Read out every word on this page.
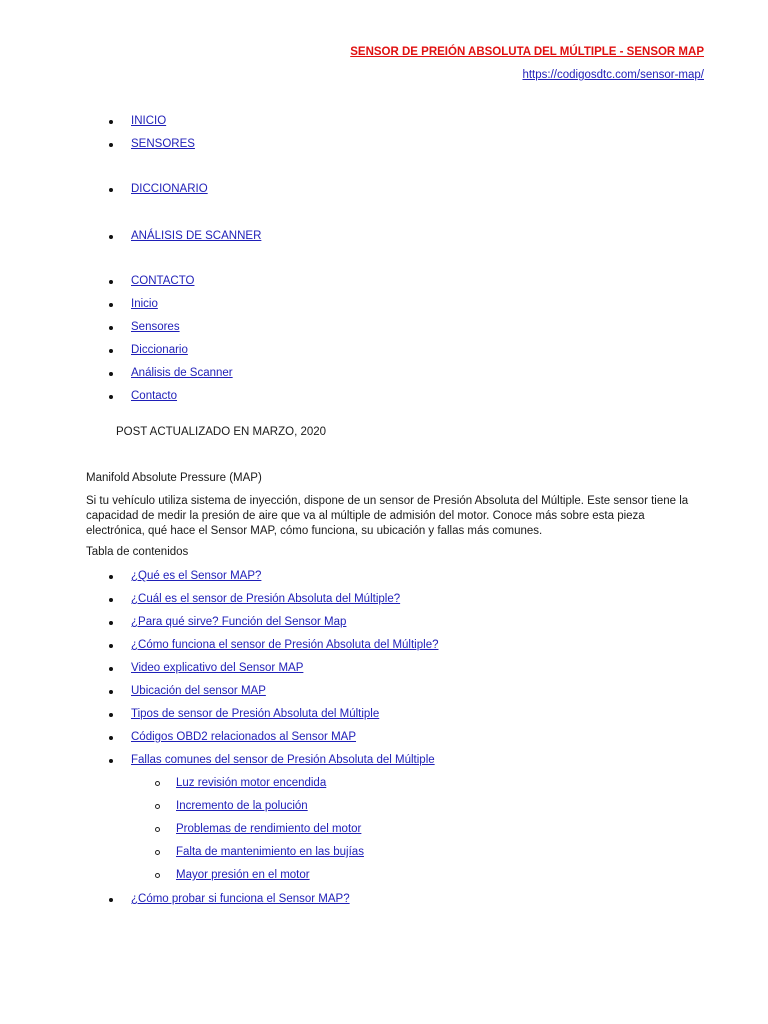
SENSOR DE PREIÓN ABSOLUTA DEL MÚLTIPLE - SENSOR MAP
https://codigosdtc.com/sensor-map/
INICIO
SENSORES
DICCIONARIO
ANÁLISIS DE SCANNER
CONTACTO
Inicio
Sensores
Diccionario
Análisis de Scanner
Contacto
POST ACTUALIZADO EN MARZO, 2020
Manifold Absolute Pressure (MAP)
Si tu vehículo utiliza sistema de inyección, dispone de un sensor de Presión Absoluta del Múltiple. Este sensor tiene la capacidad de medir la presión de aire que va al múltiple de admisión del motor. Conoce más sobre esta pieza electrónica, qué hace el Sensor MAP, cómo funciona, su ubicación y fallas más comunes.
Tabla de contenidos
¿Qué es el Sensor MAP?
¿Cuál es el sensor de Presión Absoluta del Múltiple?
¿Para qué sirve? Función del Sensor Map
¿Cómo funciona el sensor de Presión Absoluta del Múltiple?
Video explicativo del Sensor MAP
Ubicación del sensor MAP
Tipos de sensor de Presión Absoluta del Múltiple
Códigos OBD2 relacionados al Sensor MAP
Fallas comunes del sensor de Presión Absoluta del Múltiple
Luz revisión motor encendida
Incremento de la polución
Problemas de rendimiento del motor
Falta de mantenimiento en las bujías
Mayor presión en el motor
¿Cómo probar si funciona el Sensor MAP?
